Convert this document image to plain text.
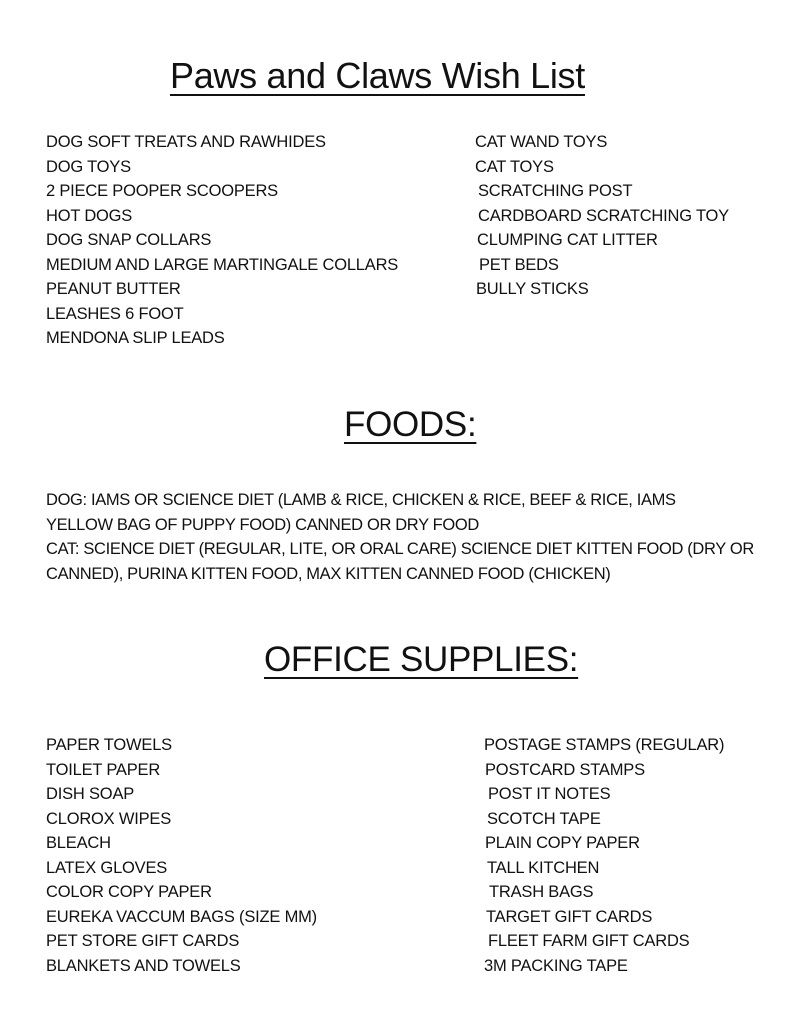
Paws and Claws Wish List
DOG SOFT TREATS AND RAWHIDES
DOG TOYS
2 PIECE POOPER SCOOPERS
HOT DOGS
DOG SNAP COLLARS
MEDIUM AND LARGE MARTINGALE COLLARS
PEANUT BUTTER
LEASHES 6 FOOT
MENDONA SLIP LEADS
CAT WAND TOYS
CAT TOYS
SCRATCHING POST
CARDBOARD SCRATCHING TOY
CLUMPING CAT LITTER
PET BEDS
BULLY STICKS
FOODS:
DOG: IAMS OR SCIENCE DIET (LAMB & RICE, CHICKEN & RICE, BEEF & RICE, IAMS
YELLOW BAG OF PUPPY FOOD) CANNED OR DRY FOOD
CAT: SCIENCE DIET (REGULAR, LITE, OR ORAL CARE) SCIENCE DIET KITTEN FOOD (DRY OR
CANNED), PURINA KITTEN FOOD, MAX KITTEN CANNED FOOD (CHICKEN)
OFFICE SUPPLIES:
PAPER TOWELS
TOILET PAPER
DISH SOAP
CLOROX WIPES
BLEACH
LATEX GLOVES
COLOR COPY PAPER
EUREKA VACCUM BAGS (SIZE MM)
PET STORE GIFT CARDS
BLANKETS AND TOWELS
POSTAGE STAMPS (REGULAR)
POSTCARD STAMPS
POST IT NOTES
SCOTCH TAPE
PLAIN COPY PAPER
TALL KITCHEN
TRASH BAGS
TARGET GIFT CARDS
FLEET FARM GIFT CARDS
3M PACKING TAPE
